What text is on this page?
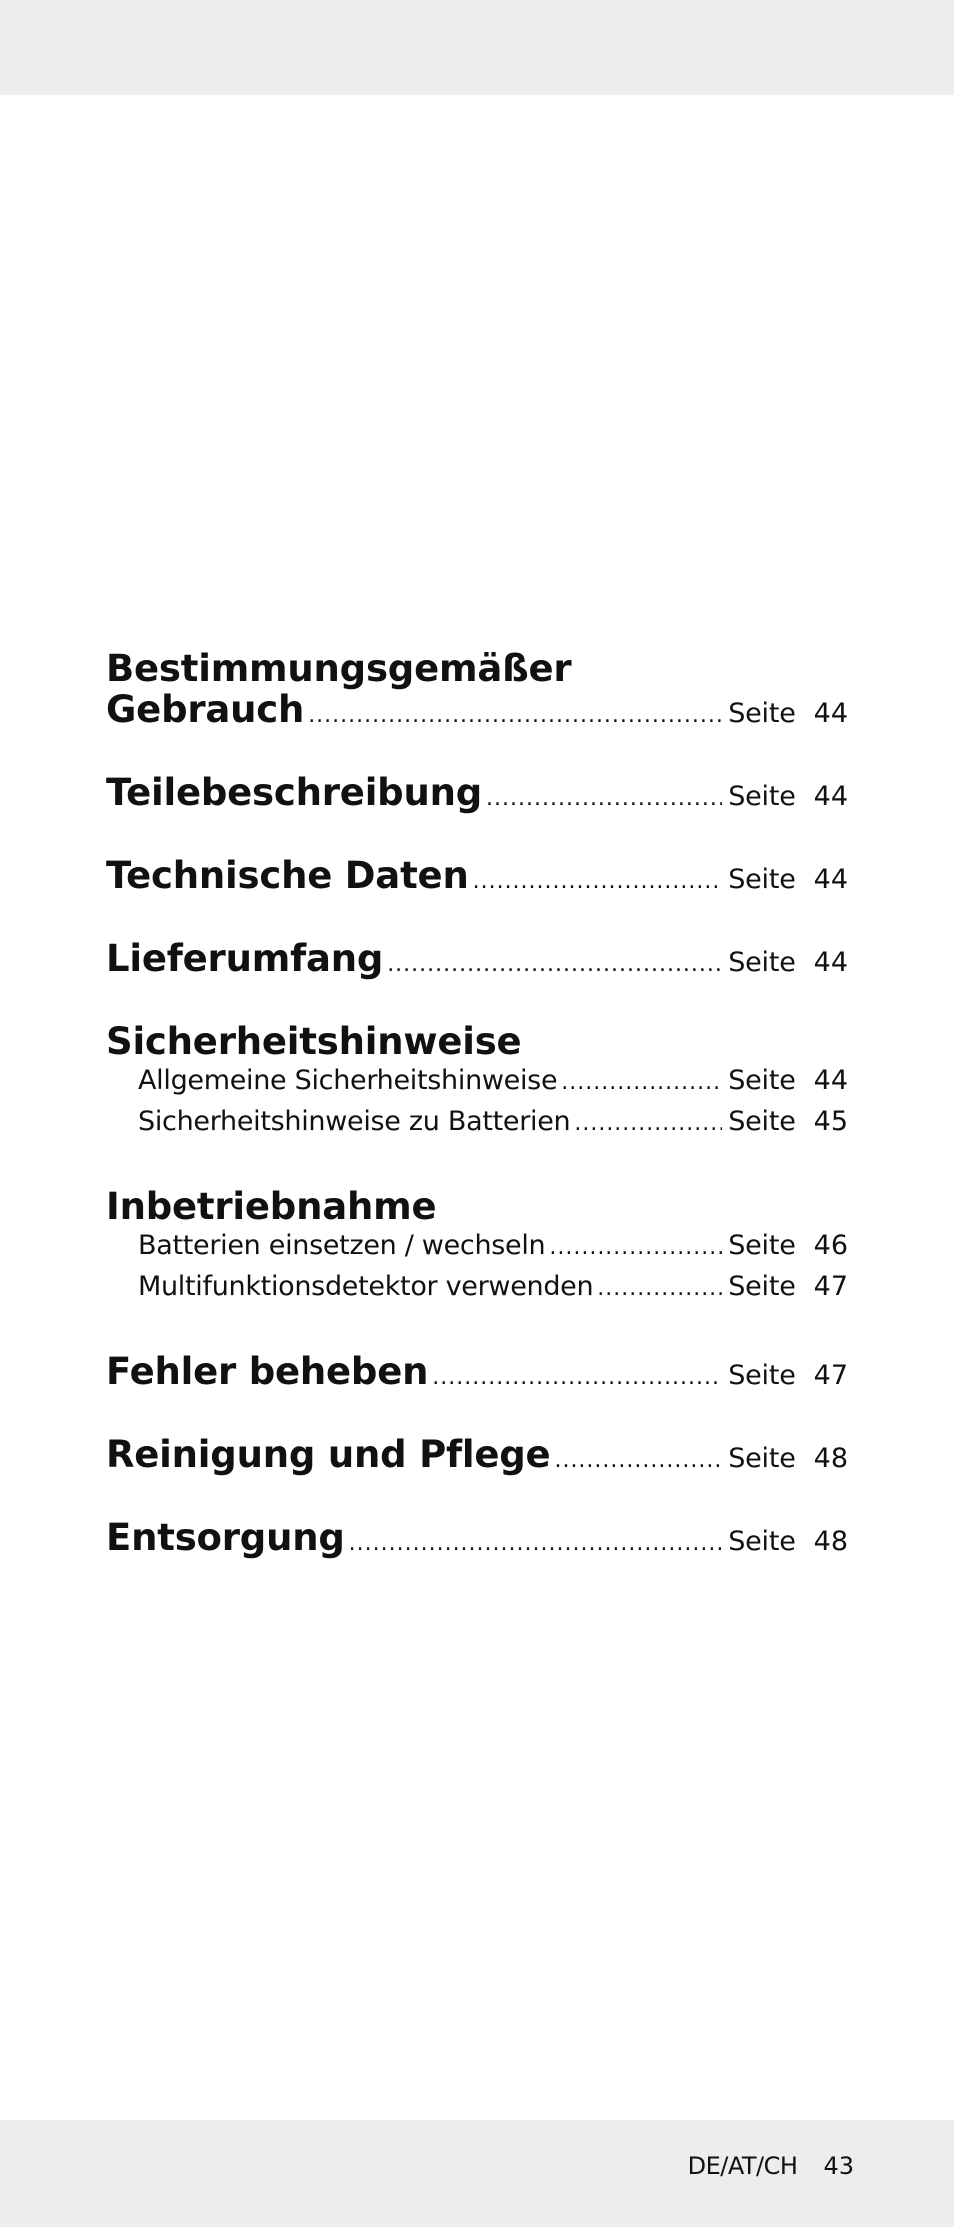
Bestimmungsgemäßer
Gebrauch .....	Seite 44
Teilebeschreibung .....	Seite 44
Technische Daten .....	Seite 44
Lieferumfang .....	Seite 44
Sicherheitshinweise
Allgemeine Sicherheitshinweise .....	Seite 44
Sicherheitshinweise zu Batterien .....	Seite 45
Inbetriebnahme
Batterien einsetzen / wechseln .....	Seite 46
Multifunktionsdetektor verwenden .....	Seite 47
Fehler beheben .....	Seite 47
Reinigung und Pflege .....	Seite 48
Entsorgung .....	Seite 48
DE/AT/CH 43
